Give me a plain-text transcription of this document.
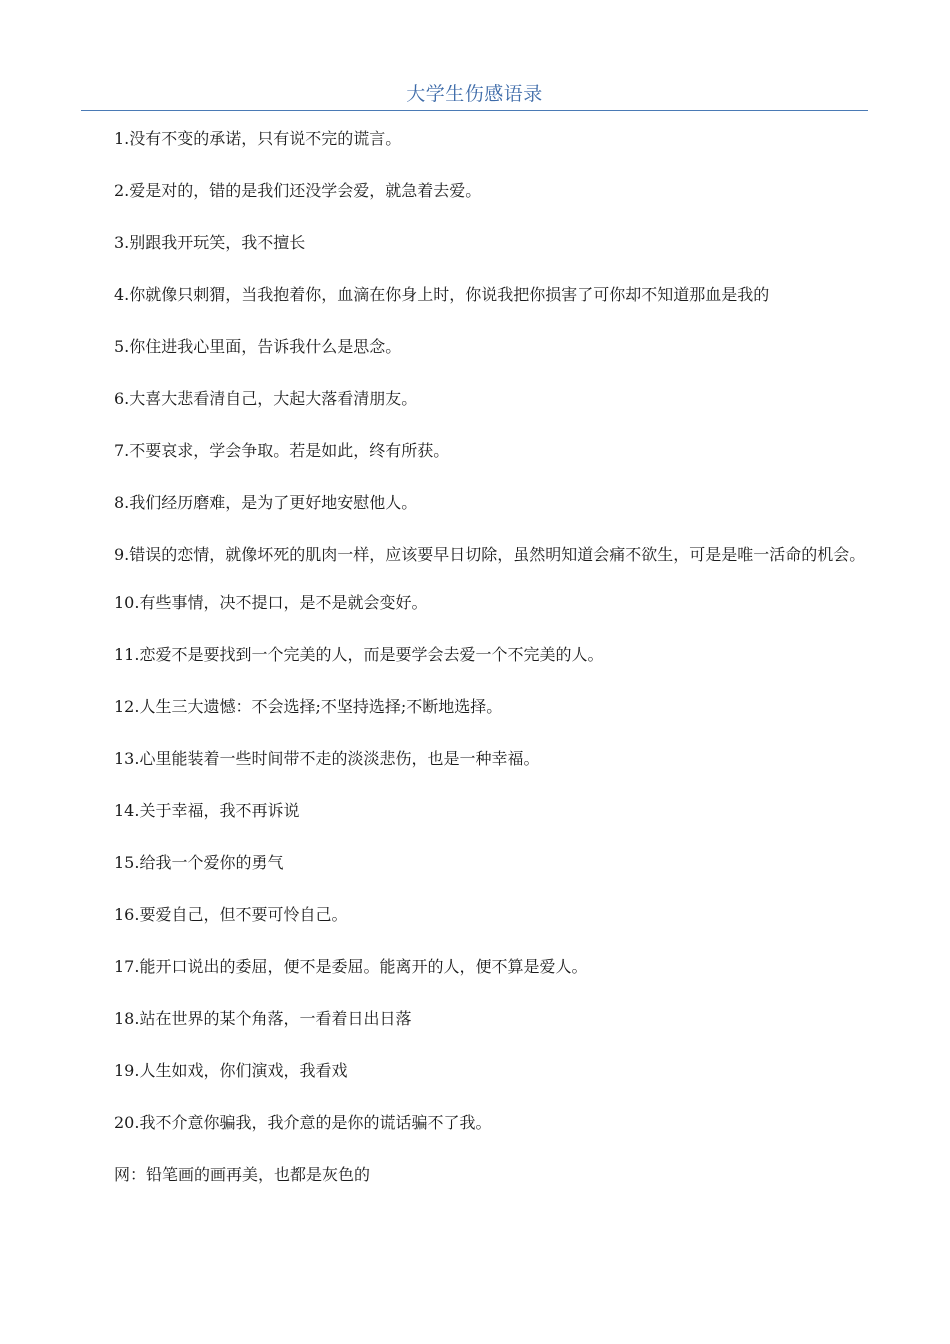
大学生伤感语录

1.没有不变的承诺，只有说不完的谎言。

2.爱是对的，错的是我们还没学会爱，就急着去爱。

3.别跟我开玩笑，我不擅长

4.你就像只刺猬，当我抱着你，血滴在你身上时，你说我把你损害了可你却不知道那血是我的

5.你住进我心里面，告诉我什么是思念。

6.大喜大悲看清自己，大起大落看清朋友。

7.不要哀求，学会争取。若是如此，终有所获。

8.我们经历磨难，是为了更好地安慰他人。

9.错误的恋情，就像坏死的肌肉一样，应该要早日切除，虽然明知道会痛不欲生，可是是唯一活命的机会。

10.有些事情，决不提口，是不是就会变好。

11.恋爱不是要找到一个完美的人，而是要学会去爱一个不完美的人。

12.人生三大遗憾：不会选择;不坚持选择;不断地选择。

13.心里能装着一些时间带不走的淡淡悲伤，也是一种幸福。

14.关于幸福，我不再诉说

15.给我一个爱你的勇气

16.要爱自己，但不要可怜自己。

17.能开口说出的委屈，便不是委屈。能离开的人，便不算是爱人。

18.站在世界的某个角落，一看着日出日落

19.人生如戏，你们演戏，我看戏

20.我不介意你骗我，我介意的是你的谎话骗不了我。

网：铅笔画的画再美，也都是灰色的
